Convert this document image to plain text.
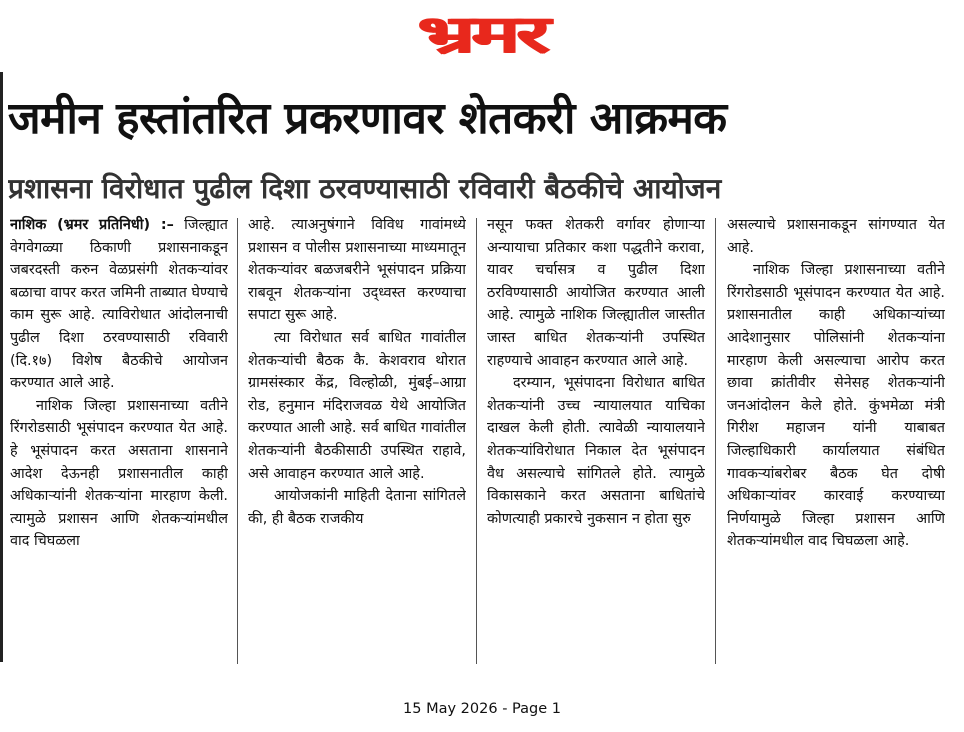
भ्रमर
जमीन हस्तांतरित प्रकरणावर शेतकरी आक्रमक
प्रशासना विरोधात पुढील दिशा ठरवण्यासाठी रविवारी बैठकीचे आयोजन

नाशिक (भ्रमर प्रतिनिधी) :– जिल्ह्यात वेगवेगळ्या ठिकाणी प्रशासनाकडून जबरदस्ती करुन वेळप्रसंगी शेतकऱ्यांवर बळाचा वापर करत जमिनी ताब्यात घेण्याचे काम सुरू आहे. त्याविरोधात आंदोलनाची पुढील दिशा ठरवण्यासाठी रविवारी (दि.१७) विशेष बैठकीचे आयोजन करण्यात आले आहे.

नाशिक जिल्हा प्रशासनाच्या वतीने रिंगरोडसाठी भूसंपादन करण्यात येत आहे. हे भूसंपादन करत असताना शासनाने आदेश देऊनही प्रशासनातील काही अधिकाऱ्यांनी शेतकऱ्यांना मारहाण केली. त्यामुळे प्रशासन आणि शेतकऱ्यांमधील वाद चिघळला

आहे. त्याअनुषंगाने विविध गावांमध्ये प्रशासन व पोलीस प्रशासनाच्या माध्यमातून शेतकऱ्यांवर बळजबरीने भूसंपादन प्रक्रिया राबवून शेतकऱ्यांना उद्ध्वस्त करण्याचा सपाटा सुरू आहे.

त्या विरोधात सर्व बाधित गावांतील शेतकऱ्यांची बैठक कै. केशवराव थोरात ग्रामसंस्कार केंद्र, विल्होळी, मुंबई–आग्रा रोड, हनुमान मंदिराजवळ येथे आयोजित करण्यात आली आहे. सर्व बाधित गावांतील शेतकऱ्यांनी बैठकीसाठी उपस्थित राहावे, असे आवाहन करण्यात आले आहे.

आयोजकांनी माहिती देताना सांगितले की, ही बैठक राजकीय

नसून फक्त शेतकरी वर्गावर होणाऱ्या अन्यायाचा प्रतिकार कशा पद्धतीने करावा, यावर चर्चासत्र व पुढील दिशा ठरविण्यासाठी आयोजित करण्यात आली आहे. त्यामुळे नाशिक जिल्ह्यातील जास्तीत जास्त बाधित शेतकऱ्यांनी उपस्थित राहण्याचे आवाहन करण्यात आले आहे.

दरम्यान, भूसंपादना विरोधात बाधित शेतकऱ्यांनी उच्च न्यायालयात याचिका दाखल केली होती. त्यावेळी न्यायालयाने शेतकऱ्यांविरोधात निकाल देत भूसंपादन वैध असल्याचे सांगितले होते. त्यामुळे विकासकाने करत असताना बाधितांचे कोणत्याही प्रकारचे नुकसान न होता सुरु

असल्याचे प्रशासनाकडून सांगण्यात येत आहे.

नाशिक जिल्हा प्रशासनाच्या वतीने रिंगरोडसाठी भूसंपादन करण्यात येत आहे. प्रशासनातील काही अधिकाऱ्यांच्या आदेशानुसार पोलिसांनी शेतकऱ्यांना मारहाण केली असल्याचा आरोप करत छावा क्रांतीवीर सेनेसह शेतकऱ्यांनी जनआंदोलन केले होते. कुंभमेळा मंत्री गिरीश महाजन यांनी याबाबत जिल्हाधिकारी कार्यालयात संबंधित गावकऱ्यांबरोबर बैठक घेत दोषी अधिकाऱ्यांवर कारवाई करण्याच्या निर्णयामुळे जिल्हा प्रशासन आणि शेतकऱ्यांमधील वाद चिघळला आहे.

15 May 2026 - Page 1
